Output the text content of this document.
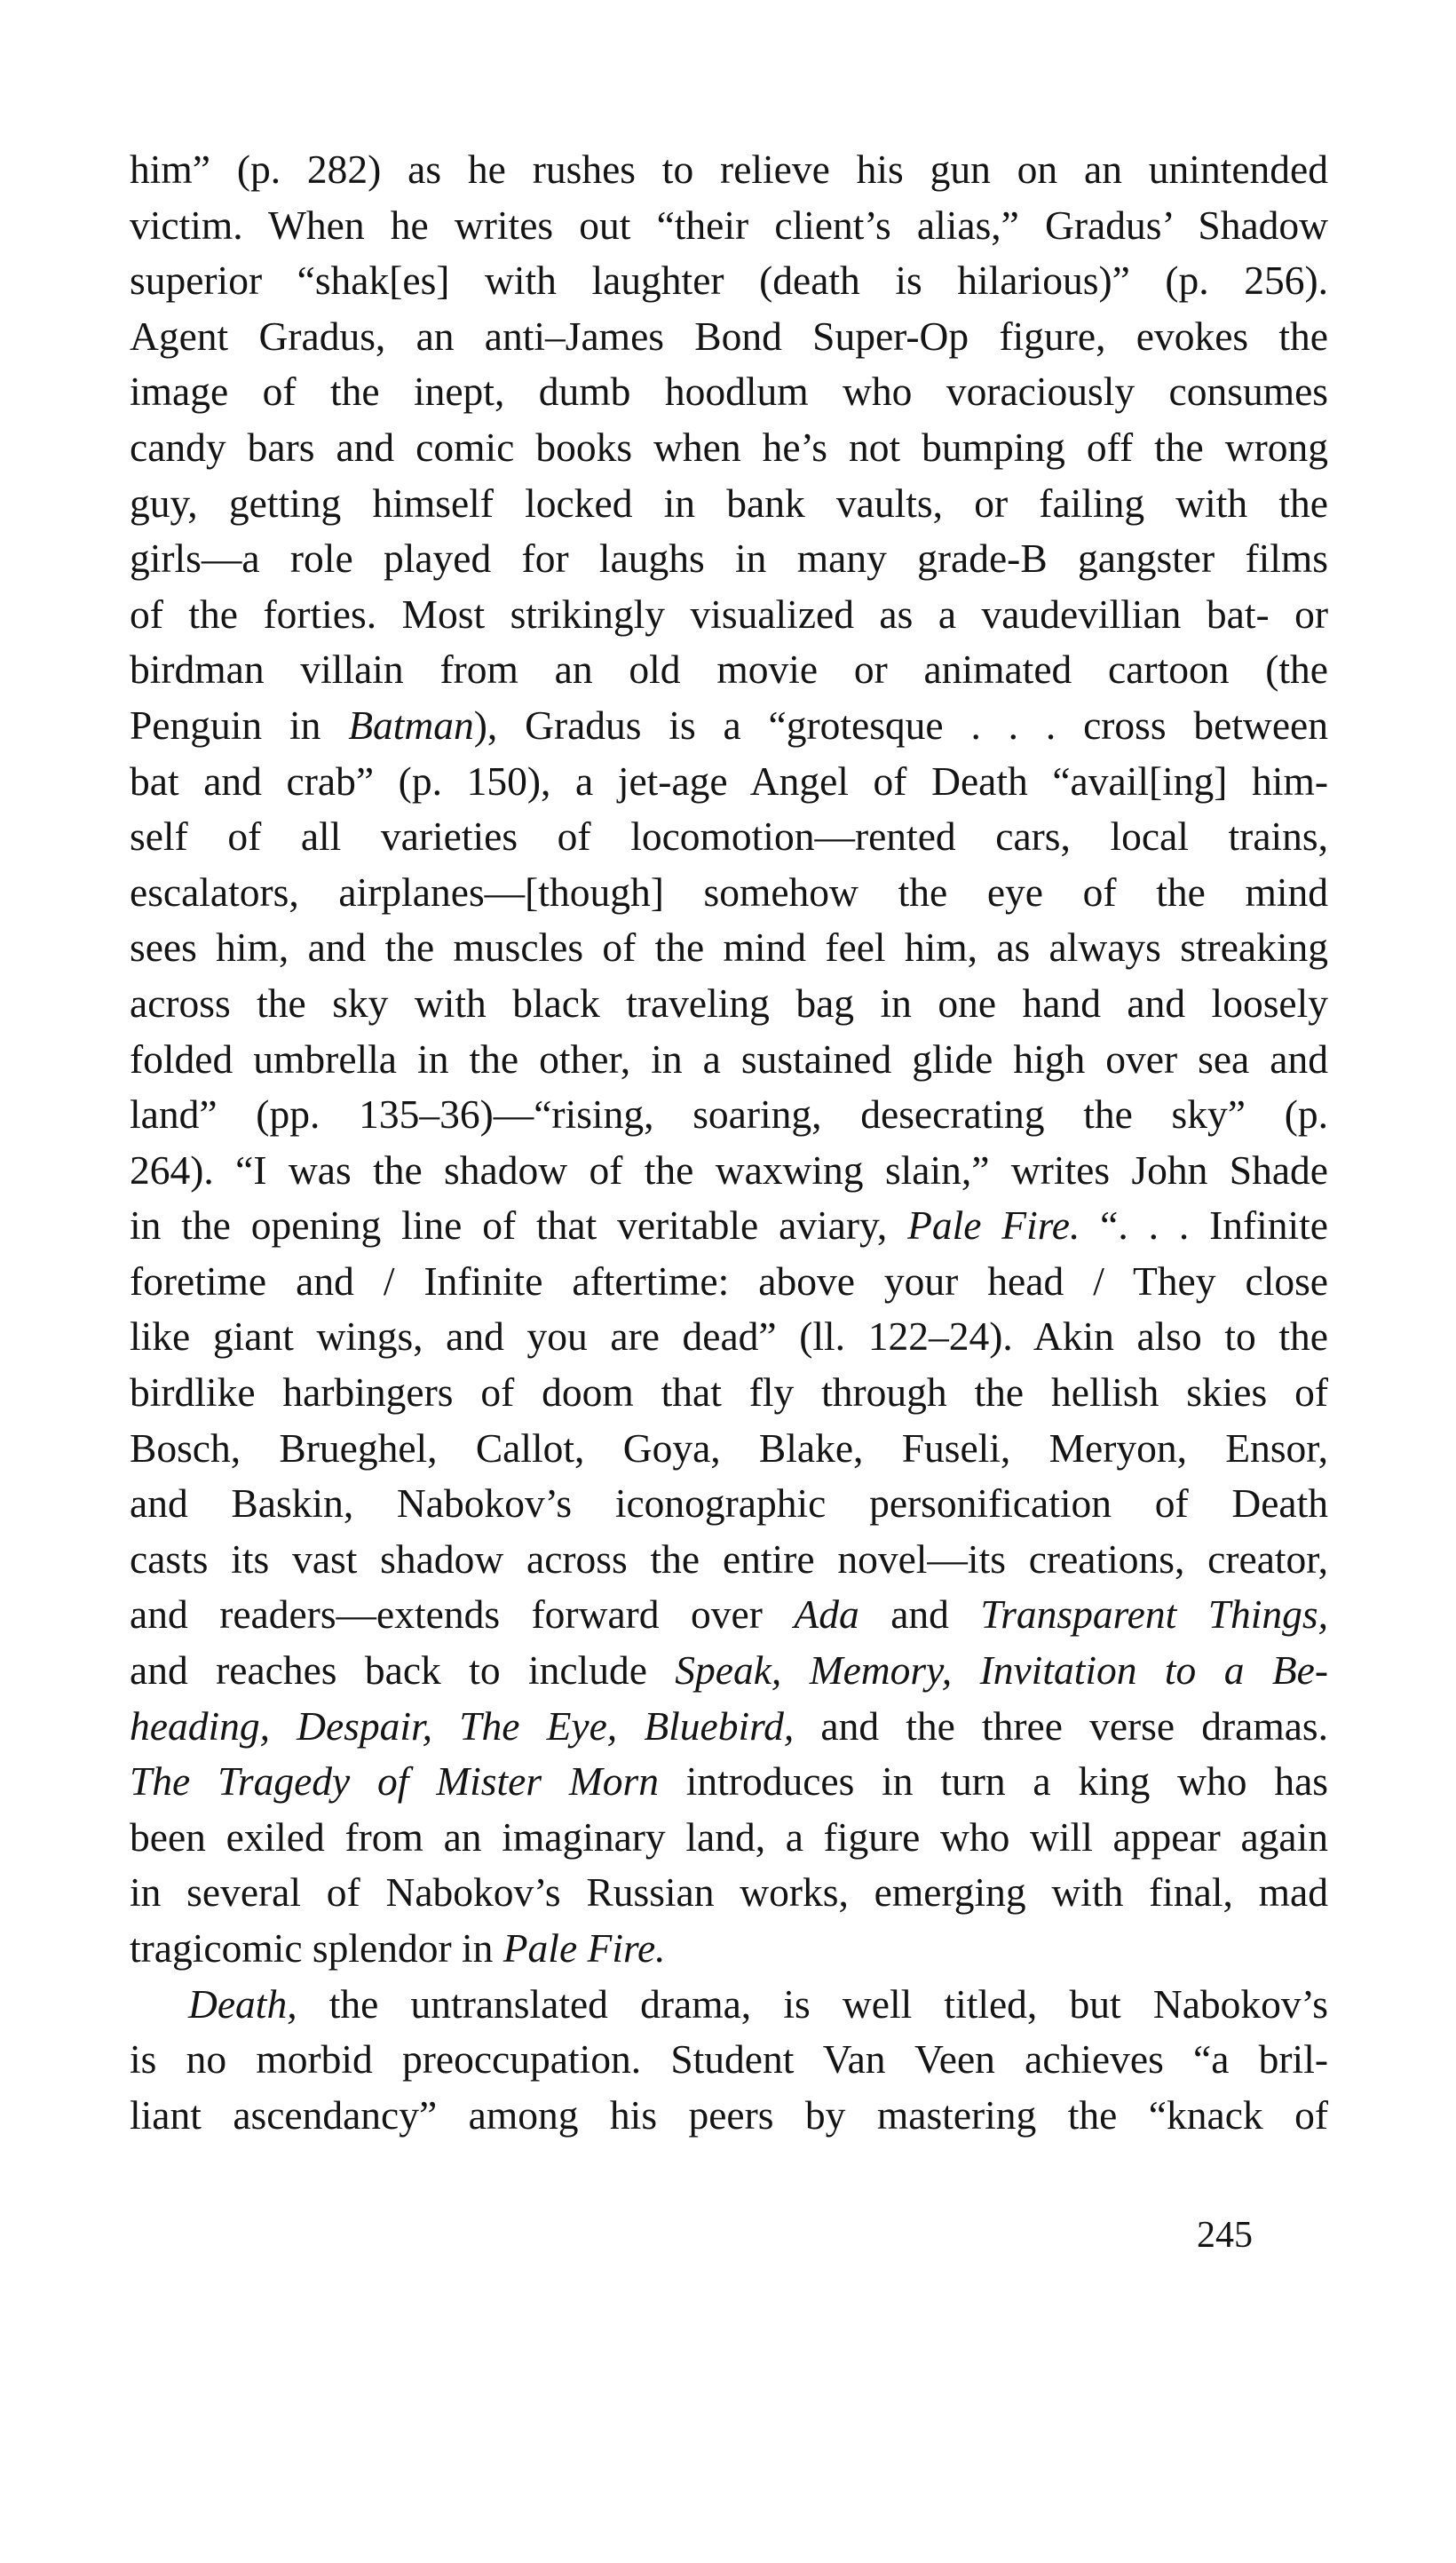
him” (p. 282) as he rushes to relieve his gun on an unintended
victim. When he writes out “their client’s alias,” Gradus’ Shadow
superior “shak[es] with laughter (death is hilarious)” (p. 256).
Agent Gradus, an anti–James Bond Super-Op figure, evokes the
image of the inept, dumb hoodlum who voraciously consumes
candy bars and comic books when he’s not bumping off the wrong
guy, getting himself locked in bank vaults, or failing with the
girls—a role played for laughs in many grade-B gangster films
of the forties. Most strikingly visualized as a vaudevillian bat- or
birdman villain from an old movie or animated cartoon (the
Penguin in Batman), Gradus is a “grotesque . . . cross between
bat and crab” (p. 150), a jet-age Angel of Death “avail[ing] him-
self of all varieties of locomotion—rented cars, local trains,
escalators, airplanes—[though] somehow the eye of the mind
sees him, and the muscles of the mind feel him, as always streaking
across the sky with black traveling bag in one hand and loosely
folded umbrella in the other, in a sustained glide high over sea and
land” (pp. 135–36)—“rising, soaring, desecrating the sky” (p.
264). “I was the shadow of the waxwing slain,” writes John Shade
in the opening line of that veritable aviary, Pale Fire. “. . . Infinite
foretime and / Infinite aftertime: above your head / They close
like giant wings, and you are dead” (ll. 122–24). Akin also to the
birdlike harbingers of doom that fly through the hellish skies of
Bosch, Brueghel, Callot, Goya, Blake, Fuseli, Meryon, Ensor,
and Baskin, Nabokov’s iconographic personification of Death
casts its vast shadow across the entire novel—its creations, creator,
and readers—extends forward over Ada and Transparent Things,
and reaches back to include Speak, Memory, Invitation to a Be-
heading, Despair, The Eye, Bluebird, and the three verse dramas.
The Tragedy of Mister Morn introduces in turn a king who has
been exiled from an imaginary land, a figure who will appear again
in several of Nabokov’s Russian works, emerging with final, mad
tragicomic splendor in Pale Fire.
Death, the untranslated drama, is well titled, but Nabokov’s
is no morbid preoccupation. Student Van Veen achieves “a bril-
liant ascendancy” among his peers by mastering the “knack of
245
